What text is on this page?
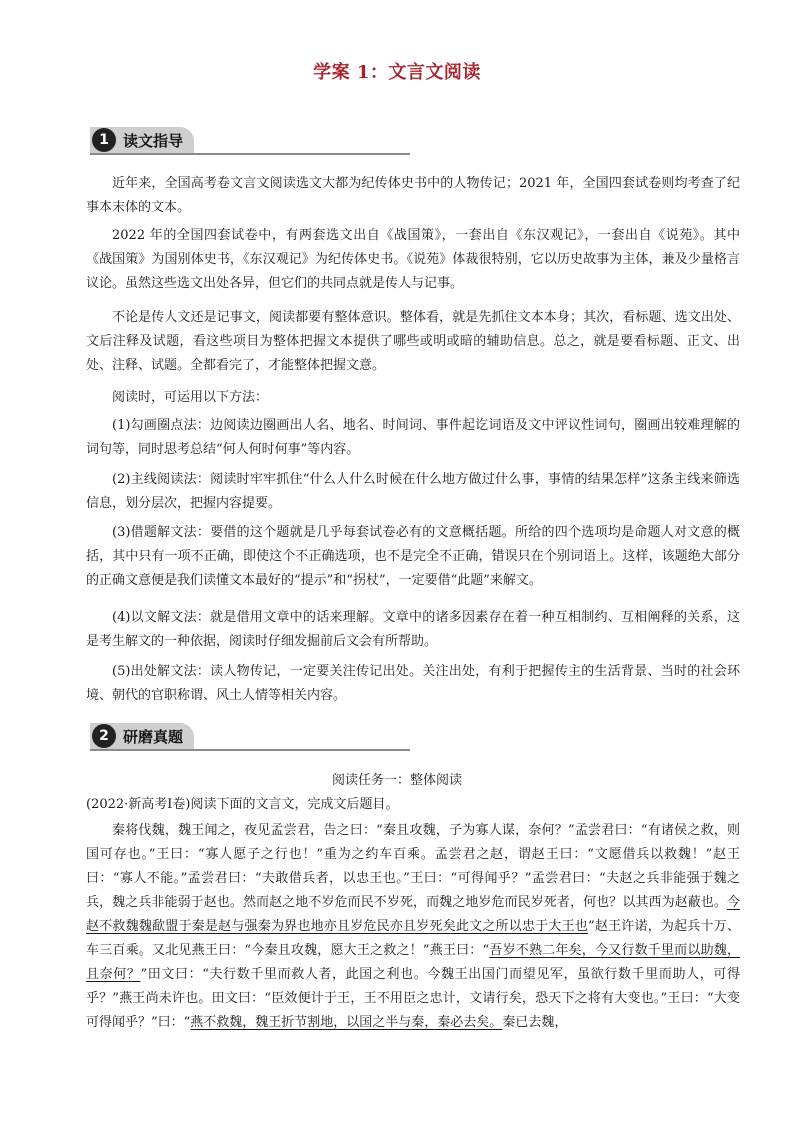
学案 1：文言文阅读
1 读文指导

近年来，全国高考卷文言文阅读选文大都为纪传体史书中的人物传记；2021 年，全国四套试卷则均考查了纪事本末体的文本。

2022 年的全国四套试卷中，有两套选文出自《战国策》，一套出自《东汉观记》，一套出自《说苑》。其中《战国策》为国别体史书，《东汉观记》为纪传体史书。《说苑》体裁很特别，它以历史故事为主体，兼及少量格言议论。虽然这些选文出处各异，但它们的共同点就是传人与记事。

不论是传人文还是记事文，阅读都要有整体意识。整体看，就是先抓住文本本身；其次，看标题、选文出处、文后注释及试题，看这些项目为整体把握文本提供了哪些或明或暗的辅助信息。总之，就是要看标题、正文、出处、注释、试题。全都看完了，才能整体把握文意。

阅读时，可运用以下方法：

(1)勾画圈点法：边阅读边圈画出人名、地名、时间词、事件起讫词语及文中评议性词句，圈画出较难理解的词句等，同时思考总结“何人何时何事”等内容。

(2)主线阅读法：阅读时牢牢抓住“什么人什么时候在什么地方做过什么事，事情的结果怎样”这条主线来筛选信息，划分层次，把握内容提要。

(3)借题解文法：要借的这个题就是几乎每套试卷必有的文意概括题。所给的四个选项均是命题人对文意的概括，其中只有一项不正确，即使这个不正确选项，也不是完全不正确，错误只在个别词语上。这样，该题绝大部分的正确文意便是我们读懂文本最好的“提示”和“拐杖”，一定要借“此题”来解文。

(4)以文解文法：就是借用文章中的话来理解。文章中的诸多因素存在着一种互相制约、互相阐释的关系，这是考生解文的一种依据，阅读时仔细发掘前后文会有所帮助。

(5)出处解文法：读人物传记，一定要关注传记出处。关注出处，有利于把握传主的生活背景、当时的社会环境、朝代的官职称谓、风土人情等相关内容。

2 研磨真题
阅读任务一：整体阅读

(2022·新高考Ⅰ卷)阅读下面的文言文，完成文后题目。

秦将伐魏，魏王闻之，夜见孟尝君，告之曰：“秦且攻魏，子为寡人谋，奈何？”孟尝君曰：“有诸侯之救，则国可存也。”王曰：“寡人愿子之行也！”重为之约车百乘。孟尝君之赵，谓赵王曰：“文愿借兵以救魏！”赵王曰：“寡人不能。”孟尝君曰：“夫敢借兵者，以忠王也。”王曰：“可得闻乎？”孟尝君曰：“夫赵之兵非能强于魏之兵，魏之兵非能弱于赵也。然而赵之地不岁危而民不岁死，而魏之地岁危而民岁死者，何也？以其西为赵蔽也。今赵不救魏魏歃盟于秦是赵与强秦为界也地亦且岁危民亦且岁死矣此文之所以忠于大王也”赵王许诺，为起兵十万、车三百乘。又北见燕王曰：“今秦且攻魏，愿大王之救之！”燕王曰：“吾岁不熟二年矣，今又行数千里而以助魏，且奈何？”田文曰：“夫行数千里而救人者，此国之利也。今魏王出国门而望见军，虽欲行数千里而助人，可得乎？”燕王尚未许也。田文曰：“臣效便计于王，王不用臣之忠计，文请行矣，恐天下之将有大变也。”王曰：“大变可得闻乎？”曰：“燕不救魏，魏王折节割地，以国之半与秦，秦必去矣。秦已去魏，
